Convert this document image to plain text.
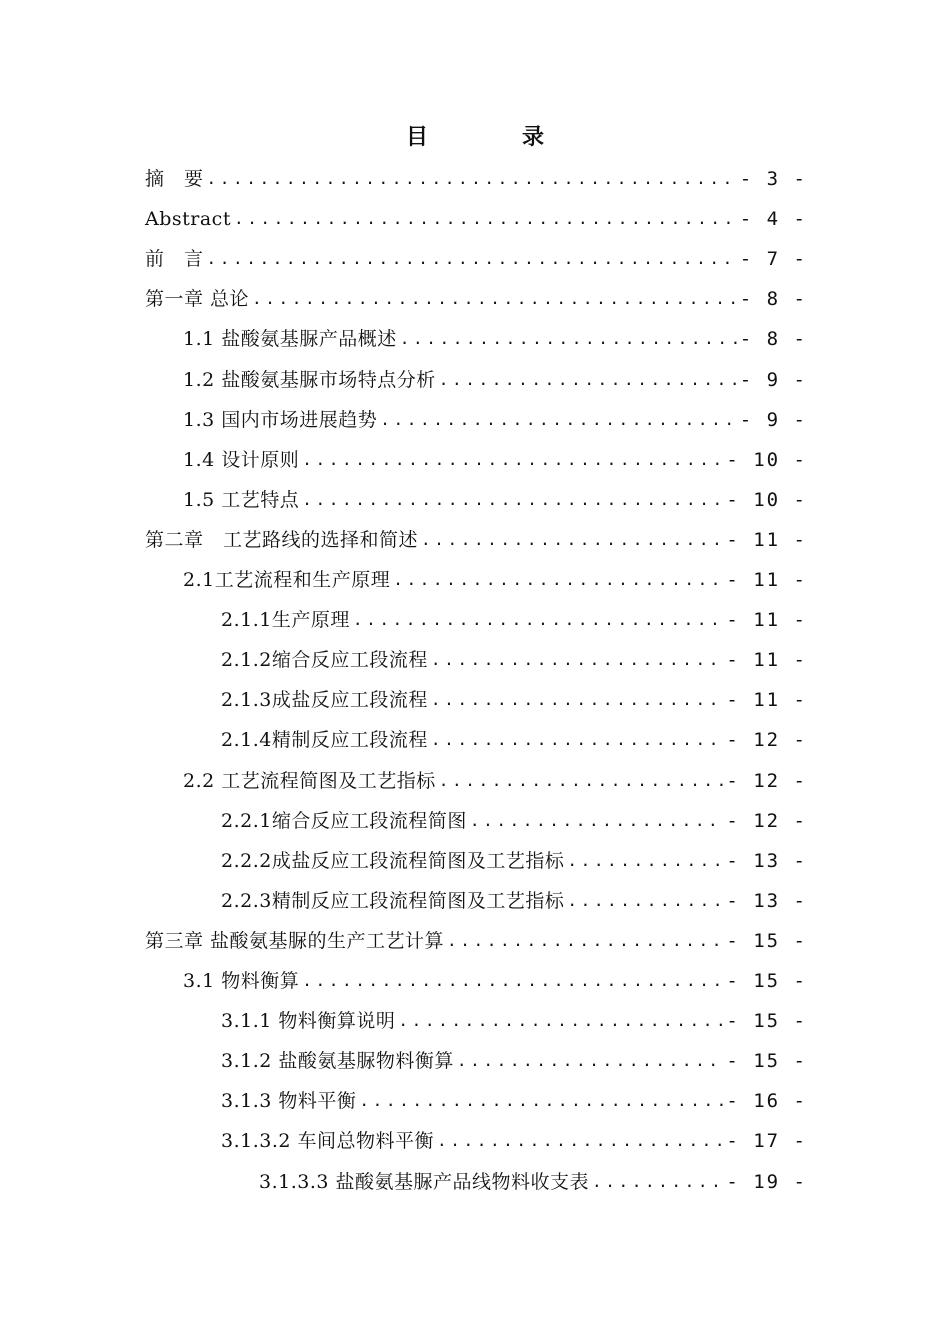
目　录
摘　要 .....	- 3 -
Abstract .....	- 4 -
前　言 .....	- 7 -
第一章 总论 .....	- 8 -
1.1 盐酸氨基脲产品概述 .....	- 8 -
1.2 盐酸氨基脲市场特点分析 .....	- 9 -
1.3 国内市场进展趋势 .....	- 9 -
1.4 设计原则 .....	- 10 -
1.5 工艺特点 .....	- 10 -
第二章　工艺路线的选择和简述 .....	- 11 -
2.1工艺流程和生产原理 .....	- 11 -
2.1.1生产原理 .....	- 11 -
2.1.2缩合反应工段流程 .....	- 11 -
2.1.3成盐反应工段流程 .....	- 11 -
2.1.4精制反应工段流程 .....	- 12 -
2.2 工艺流程简图及工艺指标 .....	- 12 -
2.2.1缩合反应工段流程简图 .....	- 12 -
2.2.2成盐反应工段流程简图及工艺指标 .....	- 13 -
2.2.3精制反应工段流程简图及工艺指标 .....	- 13 -
第三章 盐酸氨基脲的生产工艺计算 .....	- 15 -
3.1 物料衡算 .....	- 15 -
3.1.1 物料衡算说明 .....	- 15 -
3.1.2 盐酸氨基脲物料衡算 .....	- 15 -
3.1.3 物料平衡 .....	- 16 -
3.1.3.2 车间总物料平衡 .....	- 17 -
3.1.3.3 盐酸氨基脲产品线物料收支表 .....	- 19 -
